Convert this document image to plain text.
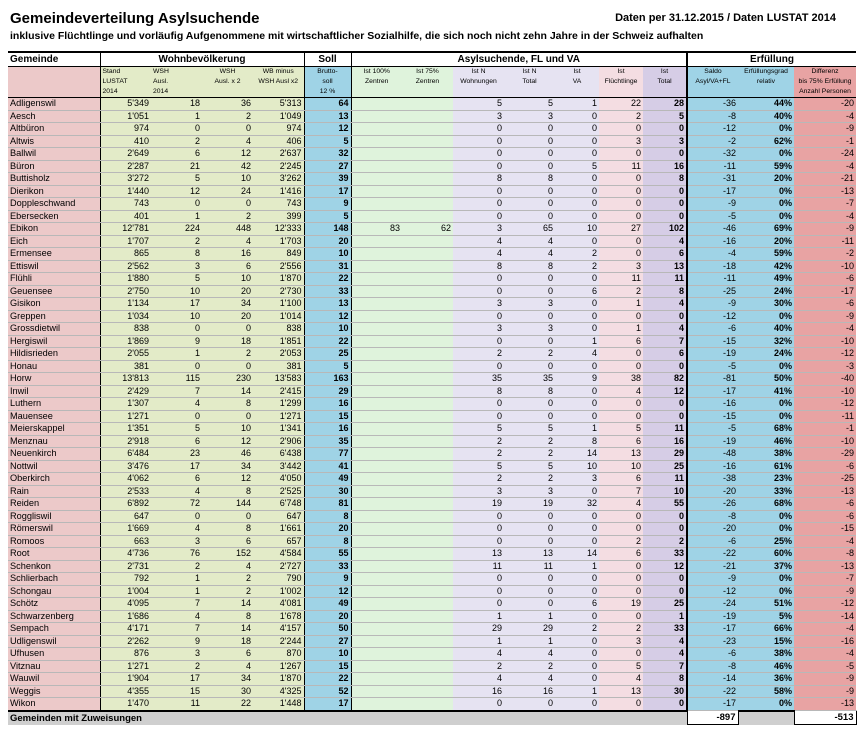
Gemeindeverteilung Asylsuchende	Daten per 31.12.2015 / Daten LUSTAT 2014
inklusive Flüchtlinge und vorläufig Aufgenommene mit wirtschaftlicher Sozialhilfe, die sich noch nicht zehn Jahre in der Schweiz aufhalten
Gemeinde	Wohnbevölkerung				Soll	Asylsuchende, FL und VA							Erfüllung		
	Stand	WSH	WSH	WB minus	Brutto-	Ist 100%	Ist 75%	Ist N	Ist N	Ist	Ist	Ist	Saldo	Erfüllungsgrad	Differenz
	LUSTAT	Ausl.	Ausl. x 2	WSH Ausl x2	soll	Zentren	Zentren	Wohnungen	Total	VA	Flüchtlinge	Total	Asyl/VA+FL	relativ	bis 75% Erfüllung
	2014	2014			12 %										Anzahl Personen
Adligenswil	5'349	18	36	5'313	64			5	5	1	22	28	-36	44%	-20
Aesch	1'051	1	2	1'049	13			3	3	0	2	5	-8	40%	-4
Altbüron	974	0	0	974	12			0	0	0	0	0	-12	0%	-9
Altwis	410	2	4	406	5			0	0	0	3	3	-2	62%	-1
Ballwil	2'649	6	12	2'637	32			0	0	0	0	0	-32	0%	-24
Büron	2'287	21	42	2'245	27			0	0	5	11	16	-11	59%	-4
Buttisholz	3'272	5	10	3'262	39			8	8	0	0	8	-31	20%	-21
Dierikon	1'440	12	24	1'416	17			0	0	0	0	0	-17	0%	-13
Doppleschwand	743	0	0	743	9			0	0	0	0	0	-9	0%	-7
Ebersecken	401	1	2	399	5			0	0	0	0	0	-5	0%	-4
Ebikon	12'781	224	448	12'333	148	83	62	3	65	10	27	102	-46	69%	-9
Eich	1'707	2	4	1'703	20			4	4	0	0	4	-16	20%	-11
Ermensee	865	8	16	849	10			4	4	2	0	6	-4	59%	-2
Ettiswil	2'562	3	6	2'556	31			8	8	2	3	13	-18	42%	-10
Flühli	1'880	5	10	1'870	22			0	0	0	11	11	-11	49%	-6
Geuensee	2'750	10	20	2'730	33			0	0	6	2	8	-25	24%	-17
Gisikon	1'134	17	34	1'100	13			3	3	0	1	4	-9	30%	-6
Greppen	1'034	10	20	1'014	12			0	0	0	0	0	-12	0%	-9
Grossdietwil	838	0	0	838	10			3	3	0	1	4	-6	40%	-4
Hergiswil	1'869	9	18	1'851	22			0	0	1	6	7	-15	32%	-10
Hildisrieden	2'055	1	2	2'053	25			2	2	4	0	6	-19	24%	-12
Honau	381	0	0	381	5			0	0	0	0	0	-5	0%	-3
Horw	13'813	115	230	13'583	163			35	35	9	38	82	-81	50%	-40
Inwil	2'429	7	14	2'415	29			8	8	0	4	12	-17	41%	-10
Luthern	1'307	4	8	1'299	16			0	0	0	0	0	-16	0%	-12
Mauensee	1'271	0	0	1'271	15			0	0	0	0	0	-15	0%	-11
Meierskappel	1'351	5	10	1'341	16			5	5	1	5	11	-5	68%	-1
Menznau	2'918	6	12	2'906	35			2	2	8	6	16	-19	46%	-10
Neuenkirch	6'484	23	46	6'438	77			2	2	14	13	29	-48	38%	-29
Nottwil	3'476	17	34	3'442	41			5	5	10	10	25	-16	61%	-6
Oberkirch	4'062	6	12	4'050	49			2	2	3	6	11	-38	23%	-25
Rain	2'533	4	8	2'525	30			3	3	0	7	10	-20	33%	-13
Reiden	6'892	72	144	6'748	81			19	19	32	4	55	-26	68%	-6
Roggliswil	647	0	0	647	8			0	0	0	0	0	-8	0%	-6
Römerswil	1'669	4	8	1'661	20			0	0	0	0	0	-20	0%	-15
Romoos	663	3	6	657	8			0	0	0	2	2	-6	25%	-4
Root	4'736	76	152	4'584	55			13	13	14	6	33	-22	60%	-8
Schenkon	2'731	2	4	2'727	33			11	11	1	0	12	-21	37%	-13
Schlierbach	792	1	2	790	9			0	0	0	0	0	-9	0%	-7
Schongau	1'004	1	2	1'002	12			0	0	0	0	0	-12	0%	-9
Schötz	4'095	7	14	4'081	49			0	0	6	19	25	-24	51%	-12
Schwarzenberg	1'686	4	8	1'678	20			1	1	0	0	1	-19	5%	-14
Sempach	4'171	7	14	4'157	50			29	29	2	2	33	-17	66%	-4
Udligenswil	2'262	9	18	2'244	27			1	1	0	3	4	-23	15%	-16
Ufhusen	876	3	6	870	10			4	4	0	0	4	-6	38%	-4
Vitznau	1'271	2	4	1'267	15			2	2	0	5	7	-8	46%	-5
Wauwil	1'904	17	34	1'870	22			4	4	0	4	8	-14	36%	-9
Weggis	4'355	15	30	4'325	52			16	16	1	13	30	-22	58%	-9
Wikon	1'470	11	22	1'448	17			0	0	0	0	0	-17	0%	-13
Gemeinden mit Zuweisungen													-897		-513
